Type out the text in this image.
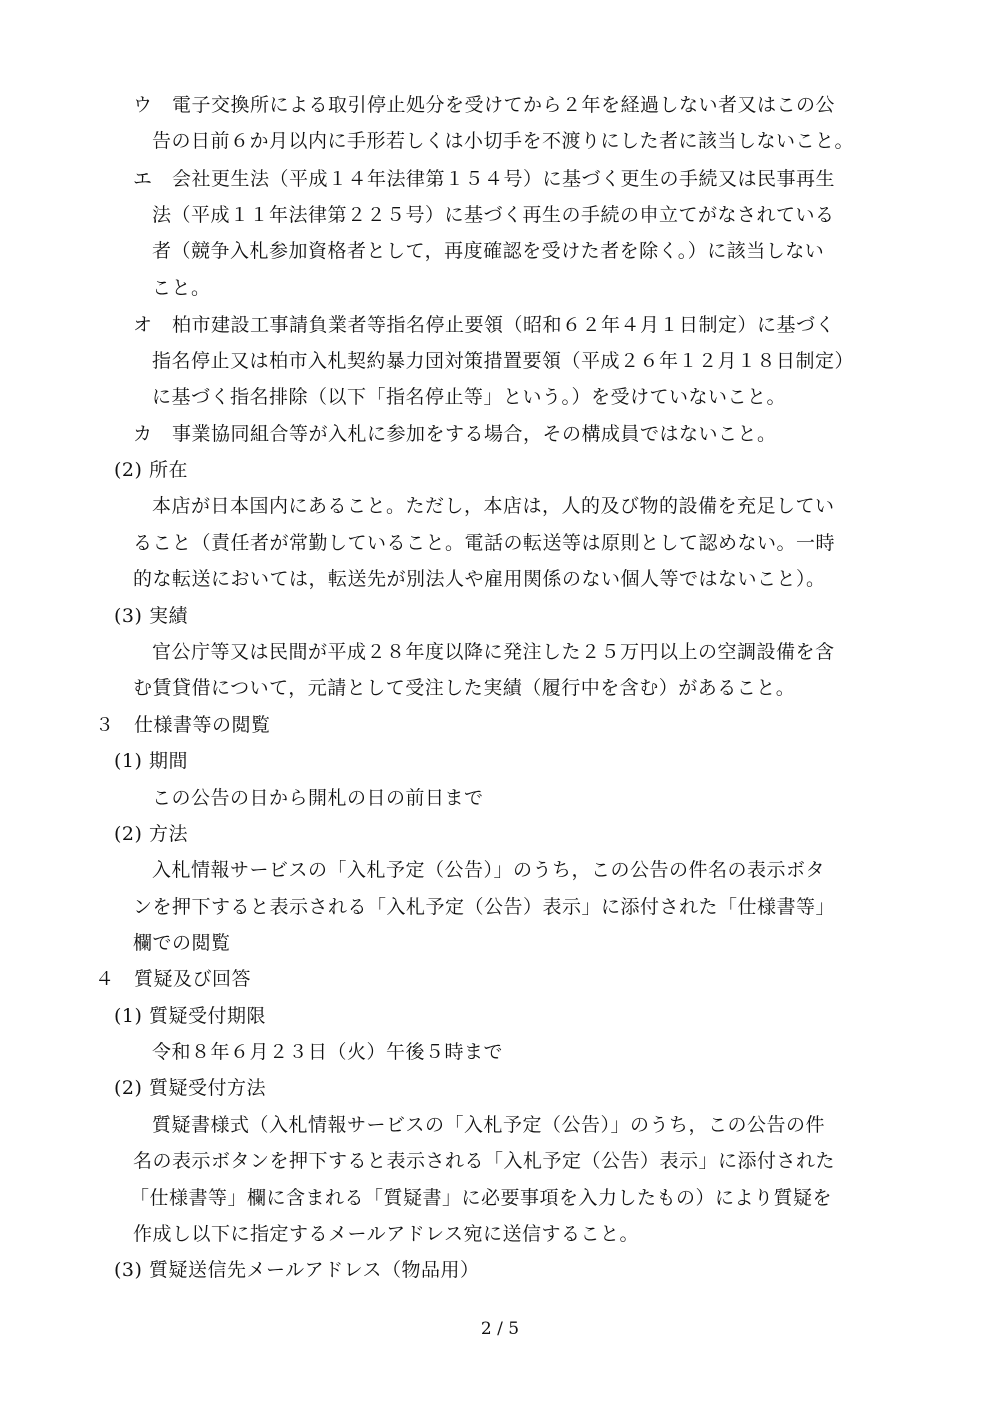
ウ　電子交換所による取引停止処分を受けてから２年を経過しない者又はこの公
告の日前６か月以内に手形若しくは小切手を不渡りにした者に該当しないこと。
エ　会社更生法（平成１４年法律第１５４号）に基づく更生の手続又は民事再生
法（平成１１年法律第２２５号）に基づく再生の手続の申立てがなされている
者（競争入札参加資格者として，再度確認を受けた者を除く。）に該当しない
こと。
オ　柏市建設工事請負業者等指名停止要領（昭和６２年４月１日制定）に基づく
指名停止又は柏市入札契約暴力団対策措置要領（平成２６年１２月１８日制定）
に基づく指名排除（以下「指名停止等」という。）を受けていないこと。
カ　事業協同組合等が入札に参加をする場合，その構成員ではないこと。
(2) 所在
本店が日本国内にあること。ただし，本店は，人的及び物的設備を充足してい
ること（責任者が常勤していること。電話の転送等は原則として認めない。一時
的な転送においては，転送先が別法人や雇用関係のない個人等ではないこと）。
(3) 実績
官公庁等又は民間が平成２８年度以降に発注した２５万円以上の空調設備を含
む賃貸借について，元請として受注した実績（履行中を含む）があること。
３　仕様書等の閲覧
(1) 期間
この公告の日から開札の日の前日まで
(2) 方法
入札情報サービスの「入札予定（公告）」のうち，この公告の件名の表示ボタ
ンを押下すると表示される「入札予定（公告）表示」に添付された「仕様書等」
欄での閲覧
４　質疑及び回答
(1) 質疑受付期限
令和８年６月２３日（火）午後５時まで
(2) 質疑受付方法
質疑書様式（入札情報サービスの「入札予定（公告）」のうち，この公告の件
名の表示ボタンを押下すると表示される「入札予定（公告）表示」に添付された
「仕様書等」欄に含まれる「質疑書」に必要事項を入力したもの）により質疑を
作成し以下に指定するメールアドレス宛に送信すること。
(3) 質疑送信先メールアドレス（物品用）
2 / 5
